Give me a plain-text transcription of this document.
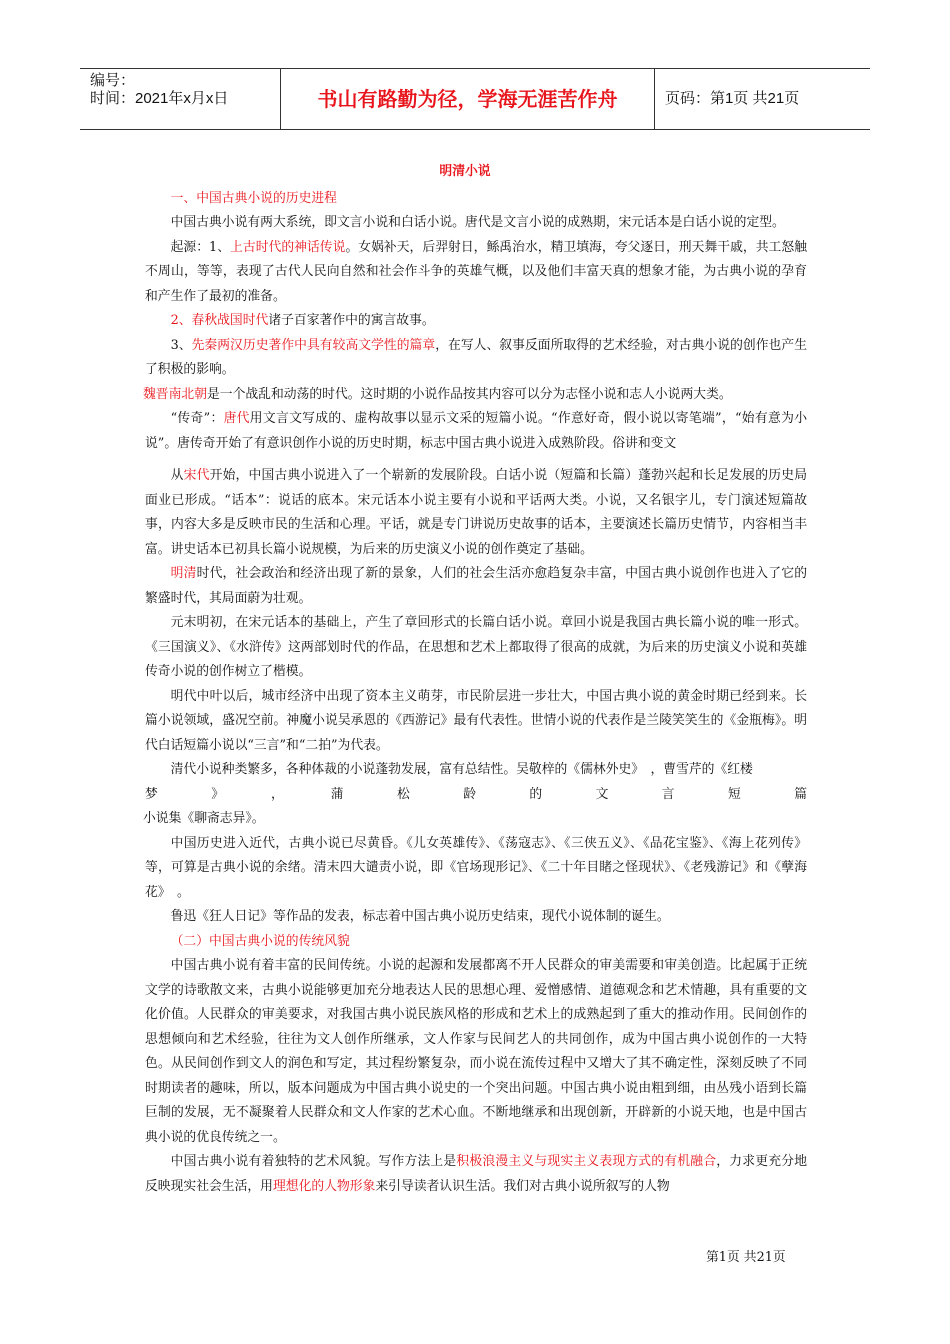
编号：
时间：2021年x月x日	书山有路勤为径，学海无涯苦作舟	页码：第1页 共21页

明清小说

一、中国古典小说的历史进程

中国古典小说有两大系统，即文言小说和白话小说。唐代是文言小说的成熟期，宋元话本是白话小说的定型。

起源：1、上古时代的神话传说。女娲补天，后羿射日，鲧禹治水，精卫填海，夸父逐日，刑天舞干戚，共工怒触不周山，等等，表现了古代人民向自然和社会作斗争的英雄气概，以及他们丰富天真的想象才能，为古典小说的孕育和产生作了最初的准备。

2、春秋战国时代诸子百家著作中的寓言故事。

3、先秦两汉历史著作中具有较高文学性的篇章，在写人、叙事反面所取得的艺术经验，对古典小说的创作也产生了积极的影响。

魏晋南北朝是一个战乱和动荡的时代。这时期的小说作品按其内容可以分为志怪小说和志人小说两大类。

“传奇”：唐代用文言文写成的、虚构故事以显示文采的短篇小说。“作意好奇，假小说以寄笔端”，“始有意为小说”。唐传奇开始了有意识创作小说的历史时期，标志中国古典小说进入成熟阶段。俗讲和变文

从宋代开始，中国古典小说进入了一个崭新的发展阶段。白话小说（短篇和长篇）蓬勃兴起和长足发展的历史局面业已形成。“话本”：说话的底本。宋元话本小说主要有小说和平话两大类。小说，又名银字儿，专门演述短篇故事，内容大多是反映市民的生活和心理。平话，就是专门讲说历史故事的话本，主要演述长篇历史情节，内容相当丰富。讲史话本已初具长篇小说规模，为后来的历史演义小说的创作奠定了基础。

明清时代，社会政治和经济出现了新的景象，人们的社会生活亦愈趋复杂丰富，中国古典小说创作也进入了它的繁盛时代，其局面蔚为壮观。

元末明初，在宋元话本的基础上，产生了章回形式的长篇白话小说。章回小说是我国古典长篇小说的唯一形式。《三国演义》、《水浒传》这两部划时代的作品，在思想和艺术上都取得了很高的成就，为后来的历史演义小说和英雄传奇小说的创作树立了楷模。

明代中叶以后，城市经济中出现了资本主义萌芽，市民阶层进一步壮大，中国古典小说的黄金时期已经到来。长篇小说领域，盛况空前。神魔小说吴承恩的《西游记》最有代表性。世情小说的代表作是兰陵笑笑生的《金瓶梅》。明代白话短篇小说以“三言”和“二拍”为代表。

清代小说种类繁多，各种体裁的小说蓬勃发展，富有总结性。吴敬梓的《儒林外史》　，曹雪芹的《红楼

梦　　》　　，　　蒲　　松　　龄　　的　　文　　言　　短　　篇

小说集《聊斋志异》。

中国历史进入近代，古典小说已尽黄昏。《儿女英雄传》、《荡寇志》、《三侠五义》、《品花宝鉴》、《海上花列传》等，可算是古典小说的余绪。清末四大谴责小说，即《官场现形记》、《二十年目睹之怪现状》、《老残游记》和《孽海花》　。

鲁迅《狂人日记》等作品的发表，标志着中国古典小说历史结束，现代小说体制的诞生。

（二）中国古典小说的传统风貌

中国古典小说有着丰富的民间传统。小说的起源和发展都离不开人民群众的审美需要和审美创造。比起属于正统文学的诗歌散文来，古典小说能够更加充分地表达人民的思想心理、爱憎感情、道德观念和艺术情趣，具有重要的文化价值。人民群众的审美要求，对我国古典小说民族风格的形成和艺术上的成熟起到了重大的推动作用。民间创作的思想倾向和艺术经验，往往为文人创作所继承，文人作家与民间艺人的共同创作，成为中国古典小说创作的一大特色。从民间创作到文人的润色和写定，其过程纷繁复杂，而小说在流传过程中又增大了其不确定性，深刻反映了不同时期读者的趣味，所以，版本问题成为中国古典小说史的一个突出问题。中国古典小说由粗到细，由丛残小语到长篇巨制的发展，无不凝聚着人民群众和文人作家的艺术心血。不断地继承和出现创新，开辟新的小说天地，也是中国古典小说的优良传统之一。

中国古典小说有着独特的艺术风貌。写作方法上是积极浪漫主义与现实主义表现方式的有机融合，力求更充分地反映现实社会生活，用理想化的人物形象来引导读者认识生活。我们对古典小说所叙写的人物

第1页 共21页
